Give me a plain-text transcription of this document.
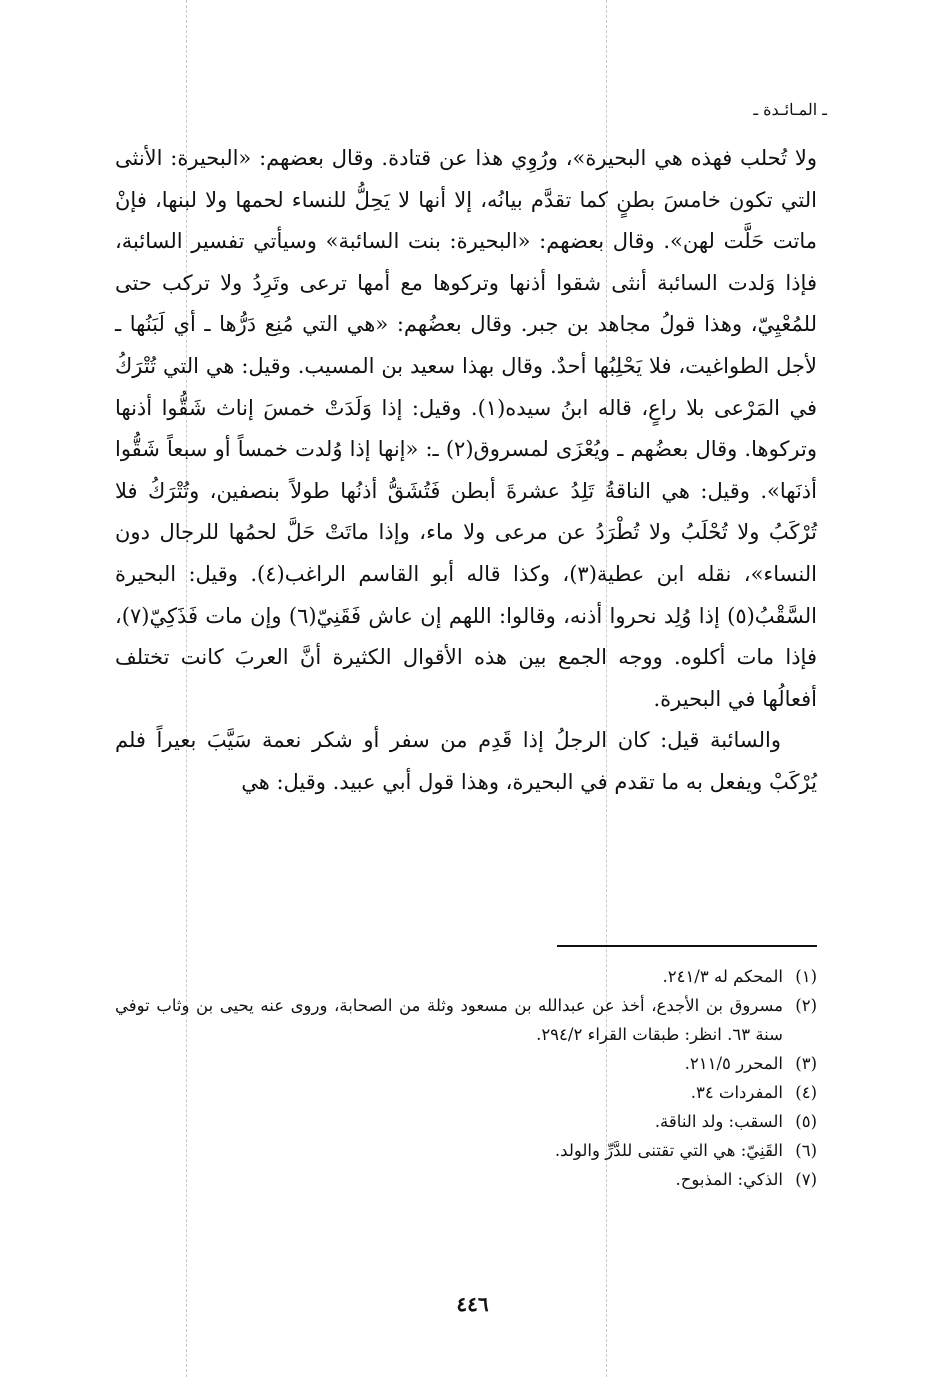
ـ المـائـدة ـ

ولا تُحلب فهذه هي البحيرة»، ورُوِي هذا عن قتادة. وقال بعضهم: «البحيرة: الأنثى التي تكون خامسَ بطنٍ كما تقدَّم بيانُه، إلا أنها لا يَحِلُّ للنساء لحمها ولا لبنها، فإنْ ماتت حَلَّت لهن». وقال بعضهم: «البحيرة: بنت السائبة» وسيأتي تفسير السائبة، فإذا وَلدت السائبة أنثى شقوا أذنها وتركوها مع أمها ترعى وتَرِدُ ولا تركب حتى للمُعْيِيّ، وهذا قولُ مجاهد بن جبر. وقال بعضُهم: «هي التي مُنِع دَرُّها ـ أي لَبَنُها ـ لأجل الطواغيت، فلا يَحْلِبُها أحدٌ. وقال بهذا سعيد بن المسيب. وقيل: هي التي تُتْرَكُ في المَرْعى بلا راعٍ، قاله ابنُ سيده(١). وقيل: إذا وَلَدَتْ خمسَ إناث شَقُّوا أذنها وتركوها. وقال بعضُهم ـ ويُعْزَى لمسروق(٢) ـ: «إنها إذا وُلدت خمساً أو سبعاً شَقُّوا أذنَها». وقيل: هي الناقةُ تَلِدُ عشرةَ أبطن فَتُشَقُّ أذنُها طولاً بنصفين، وتُتْرَكُ فلا تُرْكَبُ ولا تُحْلَبُ ولا تُطْرَدُ عن مرعى ولا ماء، وإذا ماتَتْ حَلَّ لحمُها للرجال دون النساء»، نقله ابن عطية(٣)، وكذا قاله أبو القاسم الراغب(٤). وقيل: البحيرة السَّقْبُ(٥) إذا وُلِد نحروا أذنه، وقالوا: اللهم إن عاش فَقَنِيّ(٦) وإن مات فَذَكِيّ(٧)، فإذا مات أكلوه. ووجه الجمع بين هذه الأقوال الكثيرة أنَّ العربَ كانت تختلف أفعالُها في البحيرة.

والسائبة قيل: كان الرجلُ إذا قَدِم من سفر أو شكر نعمة سَيَّبَ بعيراً فلم يُرْكَبْ ويفعل به ما تقدم في البحيرة، وهذا قول أبي عبيد. وقيل: هي

(١)
المحكم له ٢٤١/٣.
(٢)
مسروق بن الأجدع، أخذ عن عبدالله بن مسعود وثلة من الصحابة، وروى عنه يحيى بن وثاب توفي سنة ٦٣. انظر: طبقات القراء ٢٩٤/٢.
(٣)
المحرر ٢١١/٥.
(٤)
المفردات ٣٤.
(٥)
السقب: ولد الناقة.
(٦)
القَنِيّ: هي التي تقتنى للدَّرِّ والولد.
(٧)
الذكي: المذبوح.
٤٤٦
